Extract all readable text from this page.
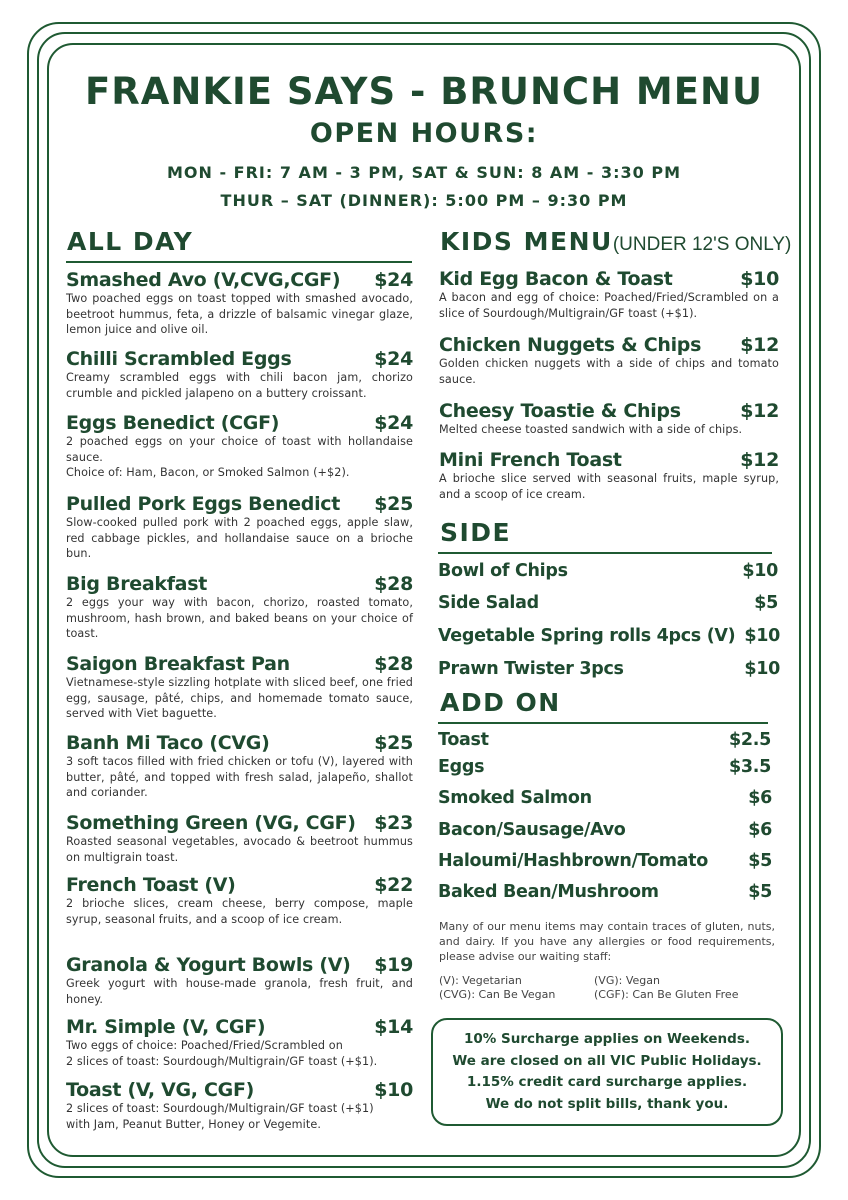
FRANKIE SAYS - BRUNCH MENU
OPEN HOURS:
MON - FRI: 7 AM - 3 PM, SAT & SUN: 8 AM - 3:30 PM
THUR – SAT (DINNER): 5:00 PM – 9:30 PM
ALL DAY
Smashed Avo (V,CVG,CGF) $24
Two poached eggs on toast topped with smashed avocado, beetroot hummus, feta, a drizzle of balsamic vinegar glaze, lemon juice and olive oil.
Chilli Scrambled Eggs	$24
Creamy scrambled eggs with chili bacon jam, chorizo crumble and pickled jalapeno on a buttery croissant.
Eggs Benedict (CGF)	$24
2 poached eggs on your choice of toast with hollandaise sauce.
Choice of: Ham, Bacon, or Smoked Salmon (+$2).
Pulled Pork Eggs Benedict $25
Slow-cooked pulled pork with 2 poached eggs, apple slaw, red cabbage pickles, and hollandaise sauce on a brioche bun.
Big Breakfast	$28
2 eggs your way with bacon, chorizo, roasted tomato, mushroom, hash brown, and baked beans on your choice of toast.
Saigon Breakfast Pan	$28
Vietnamese-style sizzling hotplate with sliced beef, one fried egg, sausage, pâté, chips, and homemade tomato sauce, served with Viet baguette.
Banh Mi Taco (CVG)	$25
3 soft tacos filled with fried chicken or tofu (V), layered with butter, pâté, and topped with fresh salad, jalapeño, shallot and coriander.
Something Green (VG, CGF) $23
Roasted seasonal vegetables, avocado & beetroot hummus on multigrain toast.
French Toast (V)	$22
2 brioche slices, cream cheese, berry compose, maple syrup, seasonal fruits, and a scoop of ice cream.
Granola & Yogurt Bowls (V) $19
Greek yogurt with house-made granola, fresh fruit, and honey.
Mr. Simple (V, CGF)	$14
Two eggs of choice: Poached/Fried/Scrambled on
2 slices of toast: Sourdough/Multigrain/GF toast (+$1).
Toast (V, VG, CGF)	$10
2 slices of toast: Sourdough/Multigrain/GF toast (+$1)
with Jam, Peanut Butter, Honey or Vegemite.
KIDS MENU(UNDER 12'S ONLY)
Kid Egg Bacon & Toast	$10
A bacon and egg of choice: Poached/Fried/Scrambled on a slice of Sourdough/Multigrain/GF toast (+$1).
Chicken Nuggets & Chips $12
Golden chicken nuggets with a side of chips and tomato sauce.
Cheesy Toastie & Chips	$12
Melted cheese toasted sandwich with a side of chips.
Mini French Toast	$12
A brioche slice served with seasonal fruits, maple syrup, and a scoop of ice cream.
SIDE
Bowl of Chips	$10
Side Salad	$5
Vegetable Spring rolls 4pcs (V) $10
Prawn Twister 3pcs	$10
ADD ON
Toast	$2.5
Eggs	$3.5
Smoked Salmon	$6
Bacon/Sausage/Avo	$6
Haloumi/Hashbrown/Tomato $5
Baked Bean/Mushroom	$5
Many of our menu items may contain traces of gluten, nuts, and dairy. If you have any allergies or food requirements, please advise our waiting staff:
(V): Vegetarian	(VG): Vegan
(CVG): Can Be Vegan	(CGF): Can Be Gluten Free
10% Surcharge applies on Weekends.
We are closed on all VIC Public Holidays.
1.15% credit card surcharge applies.
We do not split bills, thank you.
